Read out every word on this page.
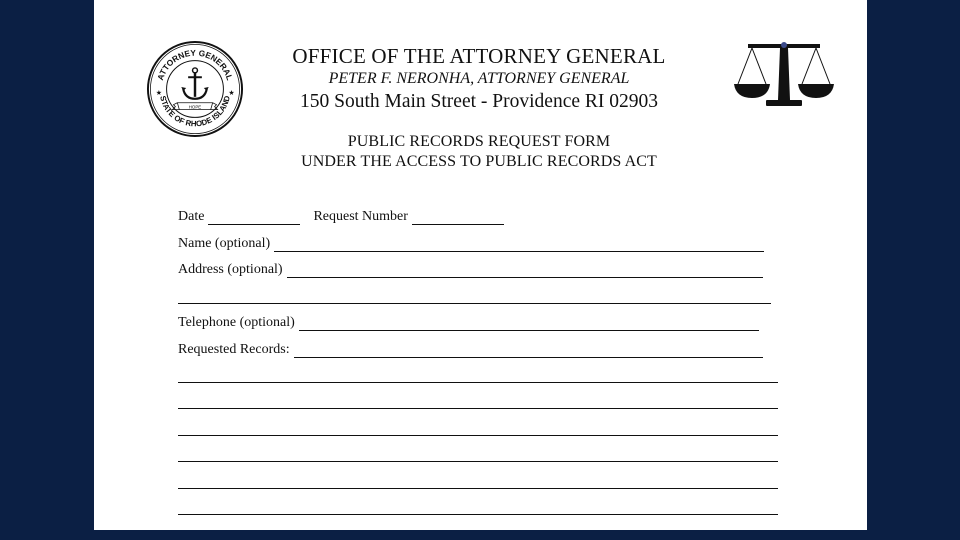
ATTORNEY GENERAL
STATE OF RHODE ISLAND
HOPE
★	★
OFFICE OF THE ATTORNEY GENERAL
PETER F. NERONHA, ATTORNEY GENERAL
150 South Main Street - Providence RI 02903
PUBLIC RECORDS REQUEST FORM
UNDER THE ACCESS TO PUBLIC RECORDS ACT
Date	Request Number
Name (optional)
Address (optional)
Telephone (optional)
Requested Records:
